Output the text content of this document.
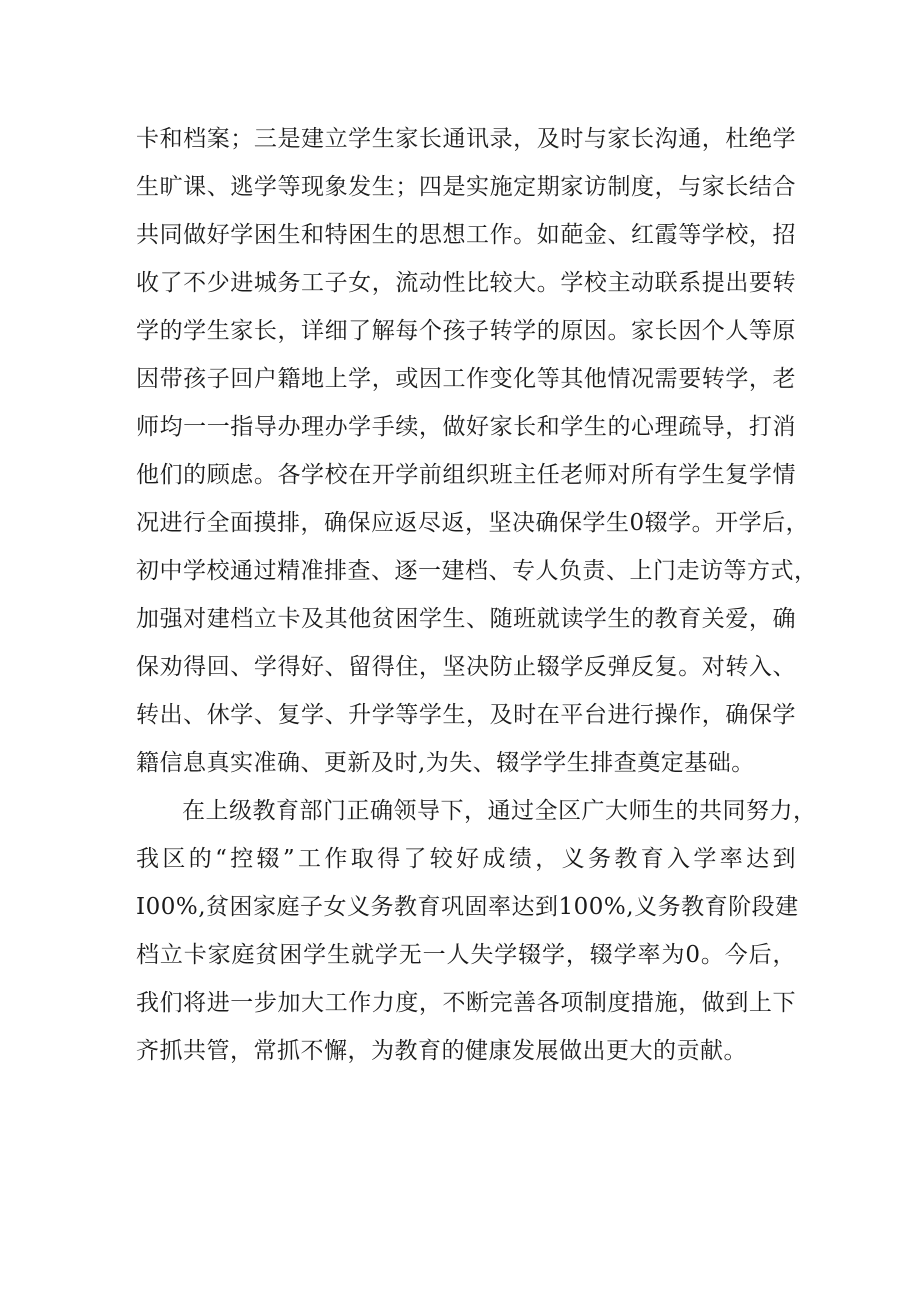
卡和档案；三是建立学生家长通讯录，及时与家长沟通，杜绝学
生旷课、逃学等现象发生；四是实施定期家访制度，与家长结合
共同做好学困生和特困生的思想工作。如葩金、红霞等学校，招
收了不少进城务工子女，流动性比较大。学校主动联系提出要转
学的学生家长，详细了解每个孩子转学的原因。家长因个人等原
因带孩子回户籍地上学，或因工作变化等其他情况需要转学，老
师均一一指导办理办学手续，做好家长和学生的心理疏导，打消
他们的顾虑。各学校在开学前组织班主任老师对所有学生复学情
况进行全面摸排，确保应返尽返，坚决确保学生0辍学。开学后，
初中学校通过精准排查、逐一建档、专人负责、上门走访等方式，
加强对建档立卡及其他贫困学生、随班就读学生的教育关爱，确
保劝得回、学得好、留得住，坚决防止辍学反弹反复。对转入、
转出、休学、复学、升学等学生，及时在平台进行操作，确保学
籍信息真实准确、更新及时,为失、辍学学生排查奠定基础。
在上级教育部门正确领导下，通过全区广大师生的共同努力，
我区的“控辍”工作取得了较好成绩，义务教育入学率达到
I00%,贫困家庭子女义务教育巩固率达到100%,义务教育阶段建
档立卡家庭贫困学生就学无一人失学辍学，辍学率为0。今后，
我们将进一步加大工作力度，不断完善各项制度措施，做到上下
齐抓共管，常抓不懈，为教育的健康发展做出更大的贡献。
